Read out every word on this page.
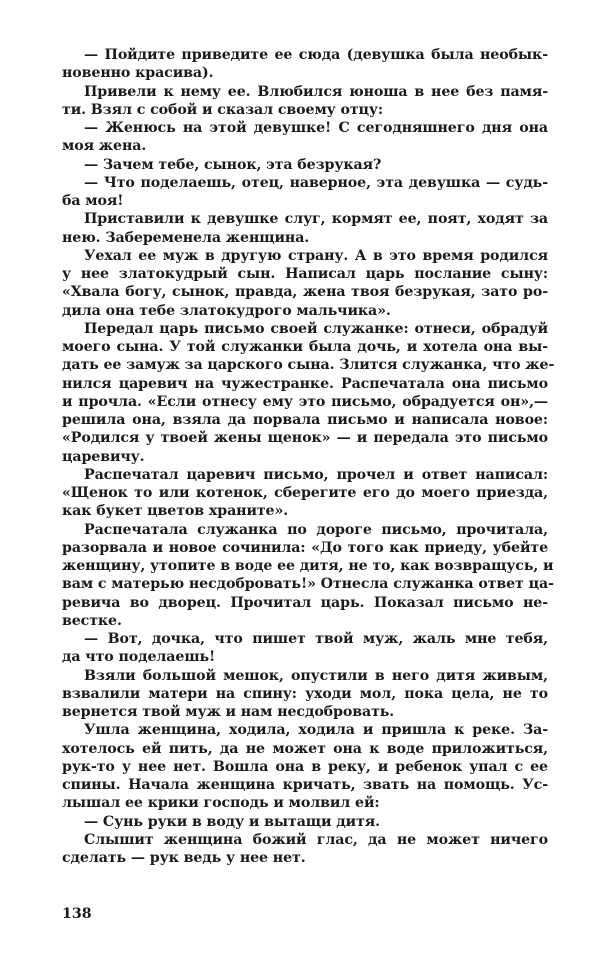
— Пойдите приведите ее сюда (девушка была необык-
новенно красива).
Привели к нему ее. Влюбился юноша в нее без памя-
ти. Взял с собой и сказал своему отцу:
— Женюсь на этой девушке! С сегодняшнего дня она
моя жена.
— Зачем тебе, сынок, эта безрукая?
— Что поделаешь, отец, наверное, эта девушка — судь-
ба моя!
Приставили к девушке слуг, кормят ее, поят, ходят за
нею. Забеременела женщина.
Уехал ее муж в другую страну. А в это время родился
у нее златокудрый сын. Написал царь послание сыну:
«Хвала богу, сынок, правда, жена твоя безрукая, зато ро-
дила она тебе златокудрого мальчика».
Передал царь письмо своей служанке: отнеси, обрадуй
моего сына. У той служанки была дочь, и хотела она вы-
дать ее замуж за царского сына. Злится служанка, что же-
нился царевич на чужестранке. Распечатала она письмо
и прочла. «Если отнесу ему это письмо, обрадуется он»,—
решила она, взяла да порвала письмо и написала новое:
«Родился у твоей жены щенок» — и передала это письмо
царевичу.
Распечатал царевич письмо, прочел и ответ написал:
«Щенок то или котенок, сберегите его до моего приезда,
как букет цветов храните».
Распечатала служанка по дороге письмо, прочитала,
разорвала и новое сочинила: «До того как приеду, убейте
женщину, утопите в воде ее дитя, не то, как возвращусь, и
вам с матерью несдобровать!» Отнесла служанка ответ ца-
ревича во дворец. Прочитал царь. Показал письмо не-
вестке.
— Вот, дочка, что пишет твой муж, жаль мне тебя,
да что поделаешь!
Взяли большой мешок, опустили в него дитя живым,
взвалили матери на спину: уходи мол, пока цела, не то
вернется твой муж и нам несдобровать.
Ушла женщина, ходила, ходила и пришла к реке. За-
хотелось ей пить, да не может она к воде приложиться,
рук-то у нее нет. Вошла она в реку, и ребенок упал с ее
спины. Начала женщина кричать, звать на помощь. Ус-
лышал ее крики господь и молвил ей:
— Сунь руки в воду и вытащи дитя.
Слышит женщина божий глас, да не может ничего
сделать — рук ведь у нее нет.
138
